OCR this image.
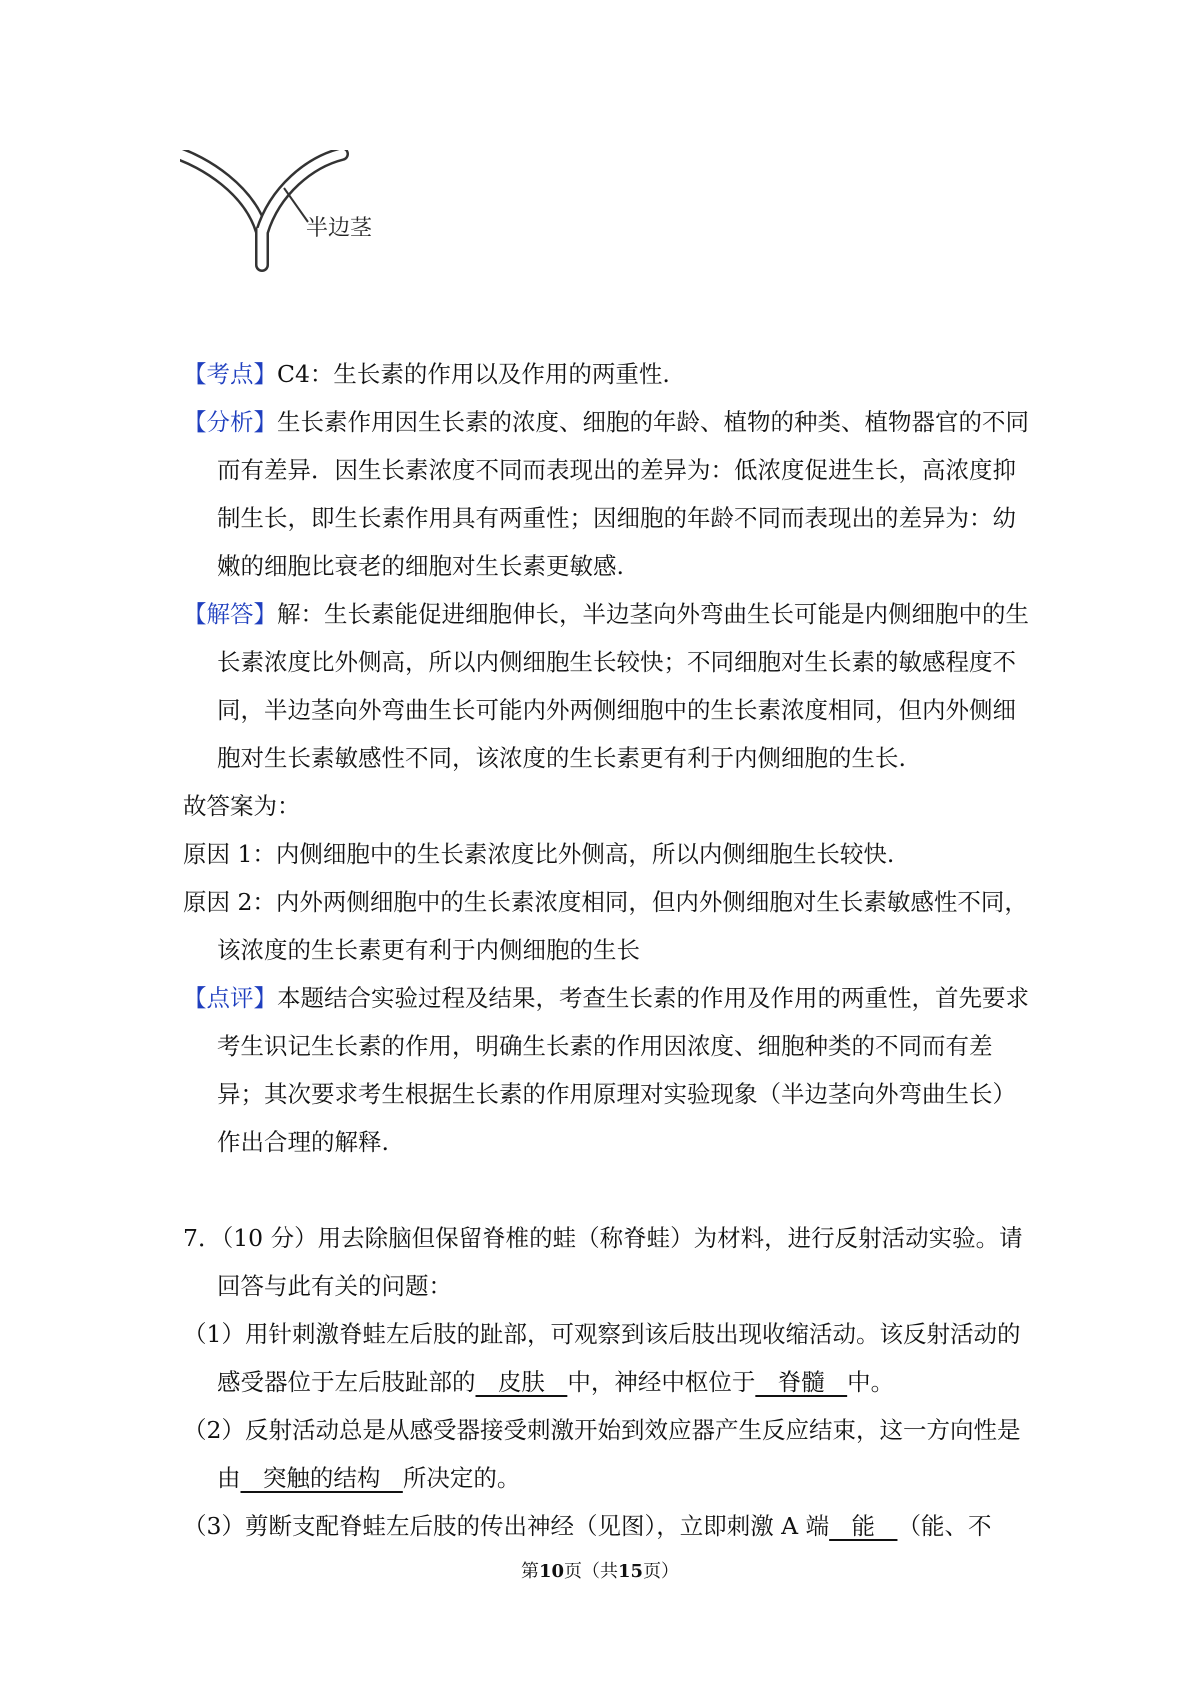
半边茎

【考点】C4：生长素的作用以及作用的两重性.

【分析】生长素作用因生长素的浓度、细胞的年龄、植物的种类、植物器官的不同而有差异．因生长素浓度不同而表现出的差异为：低浓度促进生长，高浓度抑制生长，即生长素作用具有两重性；因细胞的年龄不同而表现出的差异为：幼嫩的细胞比衰老的细胞对生长素更敏感.

【解答】解：生长素能促进细胞伸长，半边茎向外弯曲生长可能是内侧细胞中的生长素浓度比外侧高，所以内侧细胞生长较快；不同细胞对生长素的敏感程度不同，半边茎向外弯曲生长可能内外两侧细胞中的生长素浓度相同，但内外侧细胞对生长素敏感性不同，该浓度的生长素更有利于内侧细胞的生长.

故答案为：

原因 1：内侧细胞中的生长素浓度比外侧高，所以内侧细胞生长较快.

原因 2：内外两侧细胞中的生长素浓度相同，但内外侧细胞对生长素敏感性不同，该浓度的生长素更有利于内侧细胞的生长

【点评】本题结合实验过程及结果，考查生长素的作用及作用的两重性，首先要求考生识记生长素的作用，明确生长素的作用因浓度、细胞种类的不同而有差异；其次要求考生根据生长素的作用原理对实验现象（半边茎向外弯曲生长）作出合理的解释.

7．（10 分）用去除脑但保留脊椎的蛙（称脊蛙）为材料，进行反射活动实验。请回答与此有关的问题：

（1）用针刺激脊蛙左后肢的趾部，可观察到该后肢出现收缩活动。该反射活动的感受器位于左后肢趾部的   皮肤   中，神经中枢位于   脊髓   中。

（2）反射活动总是从感受器接受刺激开始到效应器产生反应结束，这一方向性是由   突触的结构   所决定的。

（3）剪断支配脊蛙左后肢的传出神经（见图），立即刺激 A 端   能   （能、不

第10页（共15页）
